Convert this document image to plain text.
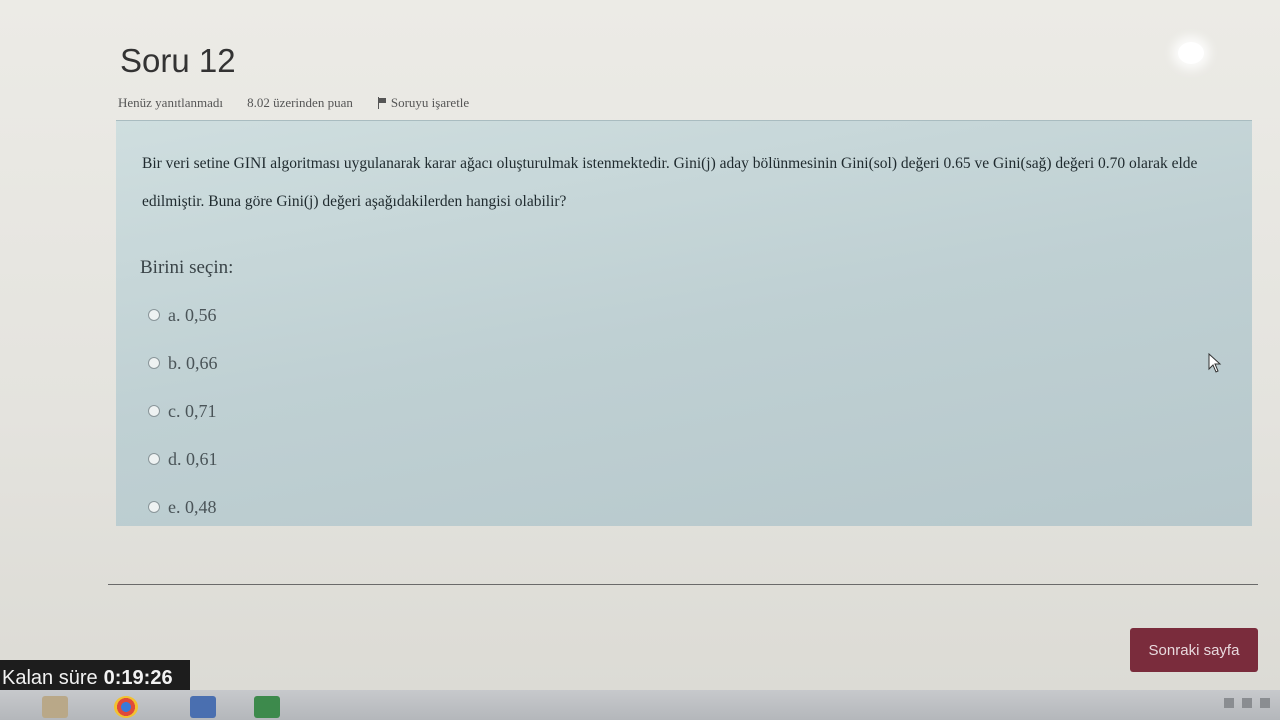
Soru 12
Henüz yanıtlanmadı 8.02 üzerinden puan	Soruyu işaretle
Bir veri setine GINI algoritması uygulanarak karar ağacı oluşturulmak istenmektedir. Gini(j) aday bölünmesinin Gini(sol) değeri 0.65 ve Gini(sağ) değeri 0.70 olarak elde edilmiştir. Buna göre Gini(j) değeri aşağıdakilerden hangisi olabilir?
Birini seçin:
a. 0,56
b. 0,66
c. 0,71
d. 0,61
e. 0,48
Sonraki sayfa
Kalan süre 0:19:26
